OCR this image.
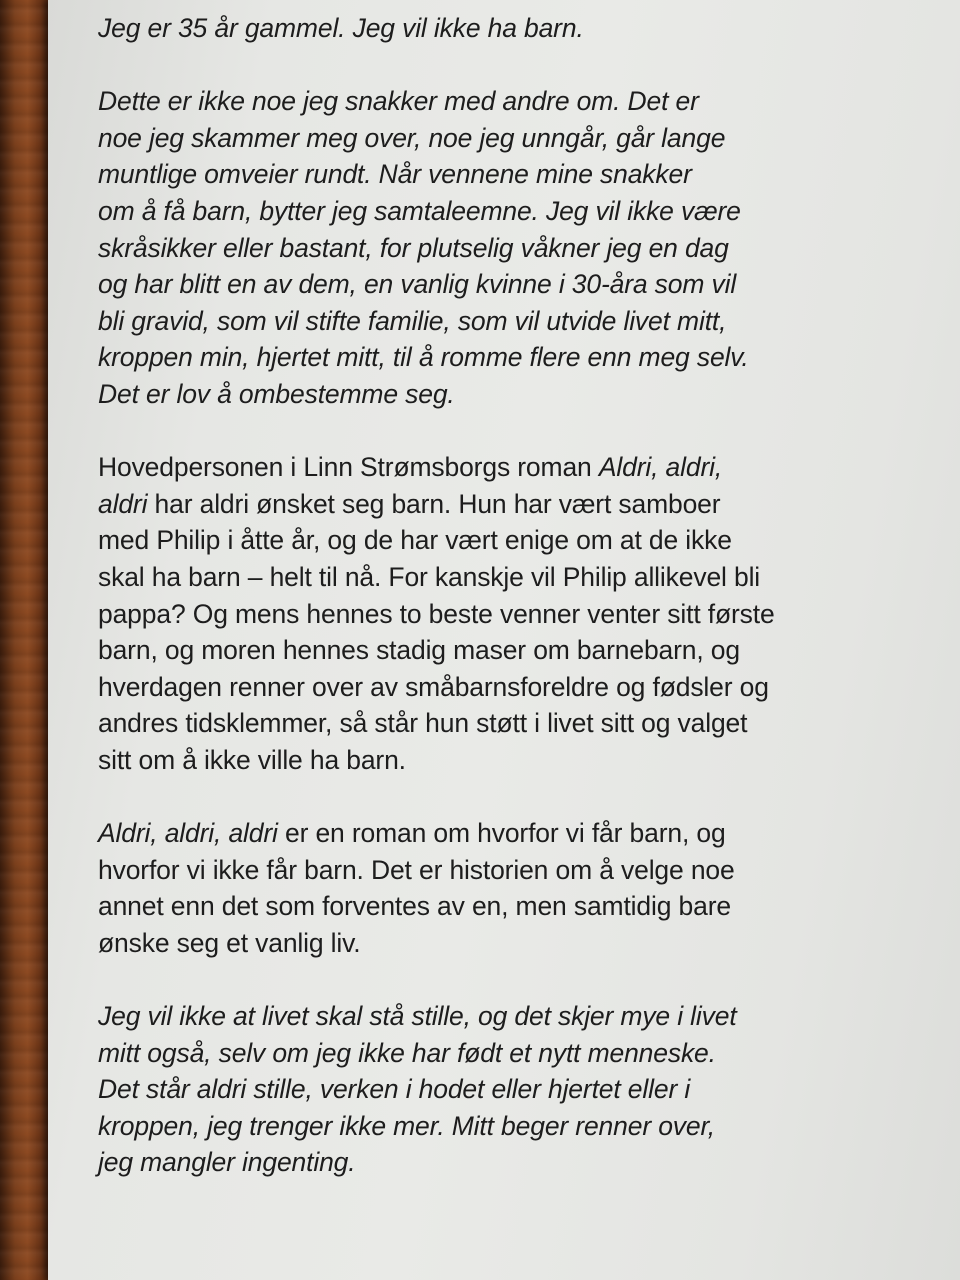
Jeg er 35 år gammel. Jeg vil ikke ha barn.
Dette er ikke noe jeg snakker med andre om. Det er
noe jeg skammer meg over, noe jeg unngår, går lange
muntlige omveier rundt. Når vennene mine snakker
om å få barn, bytter jeg samtaleemne. Jeg vil ikke være
skråsikker eller bastant, for plutselig våkner jeg en dag
og har blitt en av dem, en vanlig kvinne i 30-åra som vil
bli gravid, som vil stifte familie, som vil utvide livet mitt,
kroppen min, hjertet mitt, til å romme flere enn meg selv.
Det er lov å ombestemme seg.
Hovedpersonen i Linn Strømsborgs roman Aldri, aldri,
aldri har aldri ønsket seg barn. Hun har vært samboer
med Philip i åtte år, og de har vært enige om at de ikke
skal ha barn – helt til nå. For kanskje vil Philip allikevel bli
pappa? Og mens hennes to beste venner venter sitt første
barn, og moren hennes stadig maser om barnebarn, og
hverdagen renner over av småbarnsforeldre og fødsler og
andres tidsklemmer, så står hun støtt i livet sitt og valget
sitt om å ikke ville ha barn.
Aldri, aldri, aldri er en roman om hvorfor vi får barn, og
hvorfor vi ikke får barn. Det er historien om å velge noe
annet enn det som forventes av en, men samtidig bare
ønske seg et vanlig liv.
Jeg vil ikke at livet skal stå stille, og det skjer mye i livet
mitt også, selv om jeg ikke har født et nytt menneske.
Det står aldri stille, verken i hodet eller hjertet eller i
kroppen, jeg trenger ikke mer. Mitt beger renner over,
jeg mangler ingenting.
